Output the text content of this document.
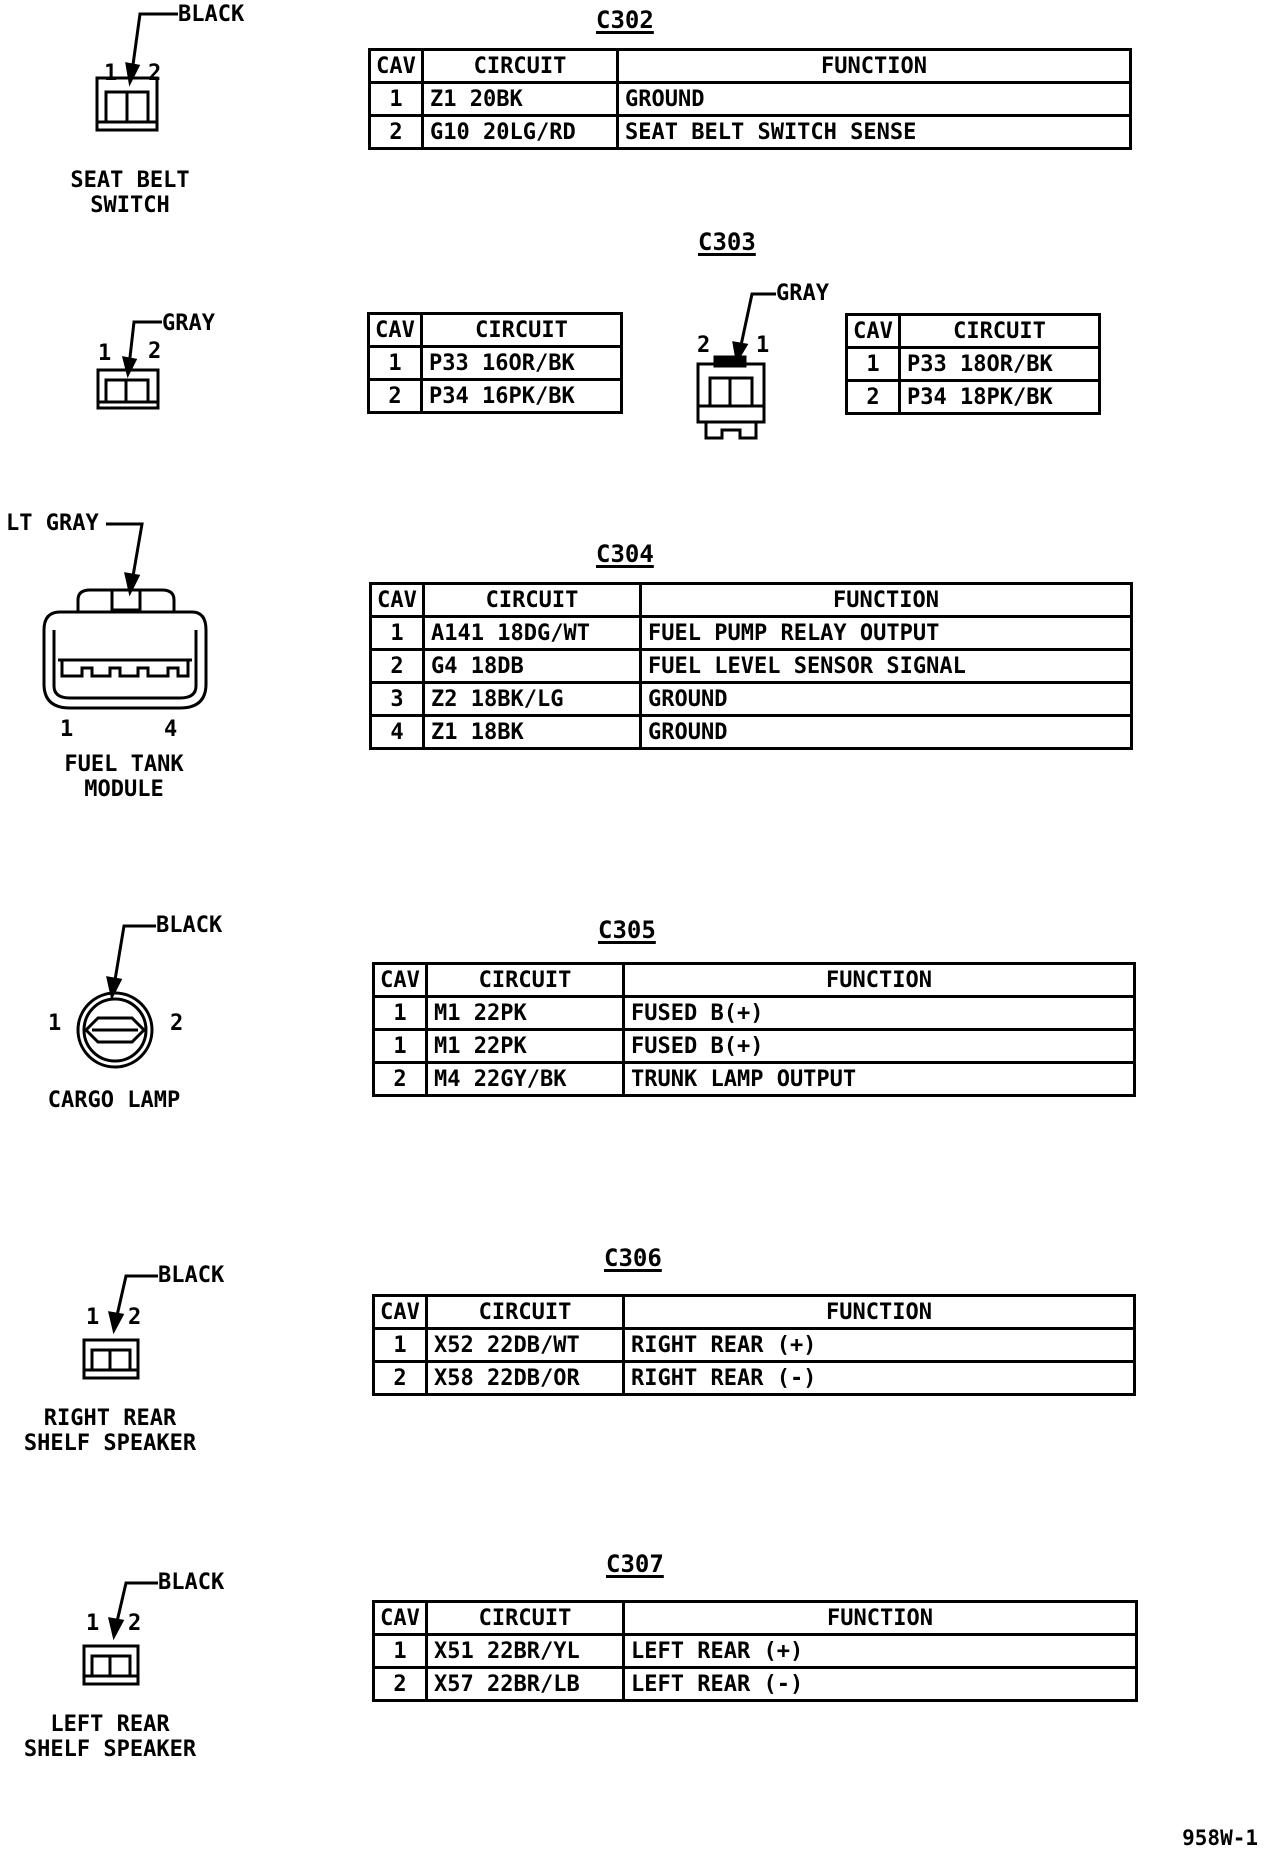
BLACK
1 2
SEAT BELT
SWITCH
C302
CAV	CIRCUIT	FUNCTION
1	Z1 20BK	GROUND
2	G10 20LG/RD	SEAT BELT SWITCH SENSE
C303
GRAY
1 2
CAV	CIRCUIT
1	P33 16OR/BK
2	P34 16PK/BK
GRAY
2 1
CAV	CIRCUIT
1	P33 18OR/BK
2	P34 18PK/BK
LT GRAY
1	4
FUEL TANK
MODULE
C304
CAV	CIRCUIT	FUNCTION
1	A141 18DG/WT	FUEL PUMP RELAY OUTPUT
2	G4 18DB	FUEL LEVEL SENSOR SIGNAL
3	Z2 18BK/LG	GROUND
4	Z1 18BK	GROUND
BLACK
1	2
CARGO LAMP
C305
CAV	CIRCUIT	FUNCTION
1	M1 22PK	FUSED B(+)
1	M1 22PK	FUSED B(+)
2	M4 22GY/BK	TRUNK LAMP OUTPUT
BLACK
1 2
RIGHT REAR
SHELF SPEAKER
C306
CAV	CIRCUIT	FUNCTION
1	X52 22DB/WT	RIGHT REAR (+)
2	X58 22DB/OR	RIGHT REAR (-)
BLACK
1 2
LEFT REAR
SHELF SPEAKER
C307
CAV	CIRCUIT	FUNCTION
1	X51 22BR/YL	LEFT REAR (+)
2	X57 22BR/LB	LEFT REAR (-)
958W-1
